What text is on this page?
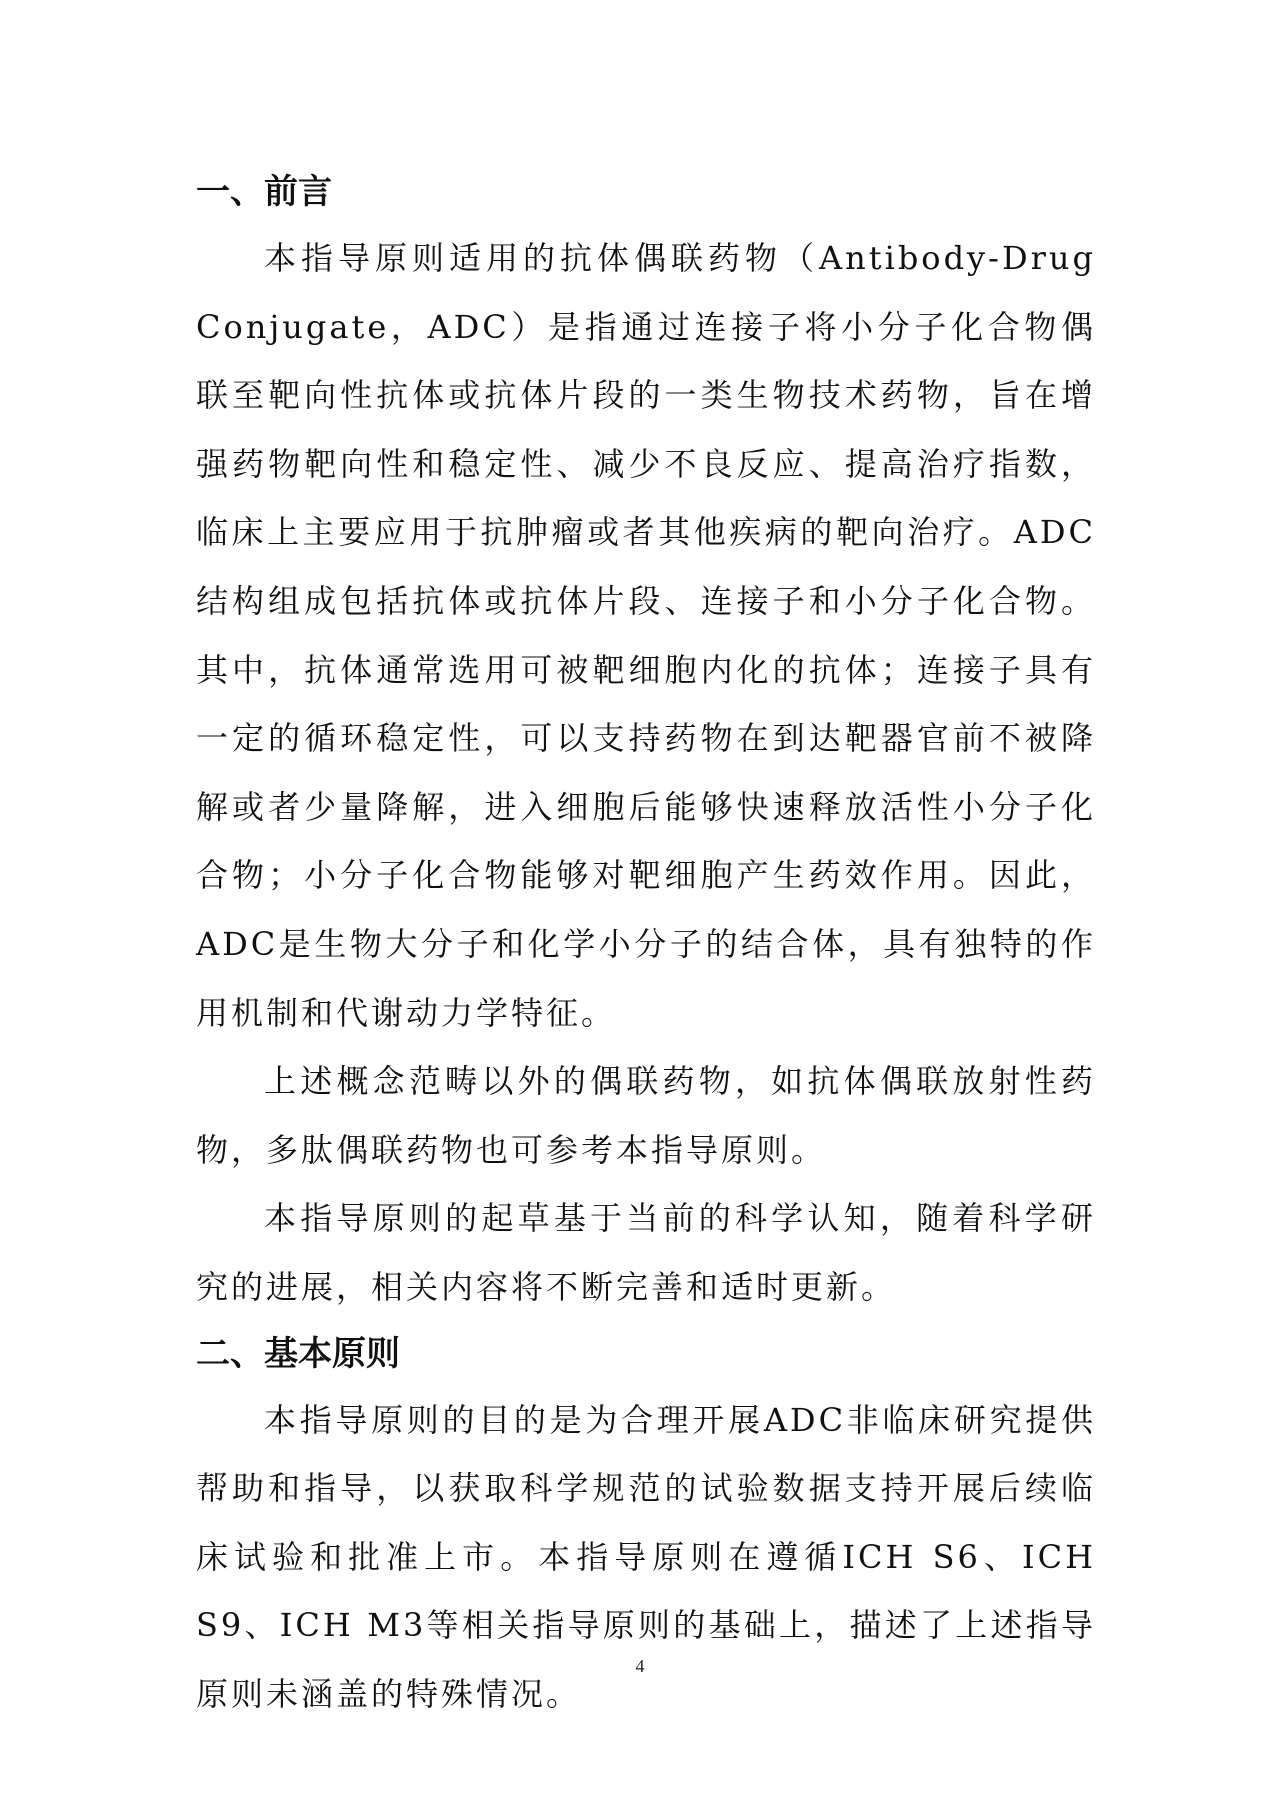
一、前言

本指导原则适用的抗体偶联药物（Antibody-Drug Conjugate，ADC）是指通过连接子将小分子化合物偶联至靶向性抗体或抗体片段的一类生物技术药物，旨在增强药物靶向性和稳定性、减少不良反应、提高治疗指数，临床上主要应用于抗肿瘤或者其他疾病的靶向治疗。ADC结构组成包括抗体或抗体片段、连接子和小分子化合物。其中，抗体通常选用可被靶细胞内化的抗体；连接子具有一定的循环稳定性，可以支持药物在到达靶器官前不被降解或者少量降解，进入细胞后能够快速释放活性小分子化合物；小分子化合物能够对靶细胞产生药效作用。因此，ADC是生物大分子和化学小分子的结合体，具有独特的作用机制和代谢动力学特征。

上述概念范畴以外的偶联药物，如抗体偶联放射性药物，多肽偶联药物也可参考本指导原则。

本指导原则的起草基于当前的科学认知，随着科学研究的进展，相关内容将不断完善和适时更新。

二、基本原则

本指导原则的目的是为合理开展ADC非临床研究提供帮助和指导，以获取科学规范的试验数据支持开展后续临床试验和批准上市。本指导原则在遵循ICH S6、ICH S9、ICH M3等相关指导原则的基础上，描述了上述指导原则未涵盖的特殊情况。

4
